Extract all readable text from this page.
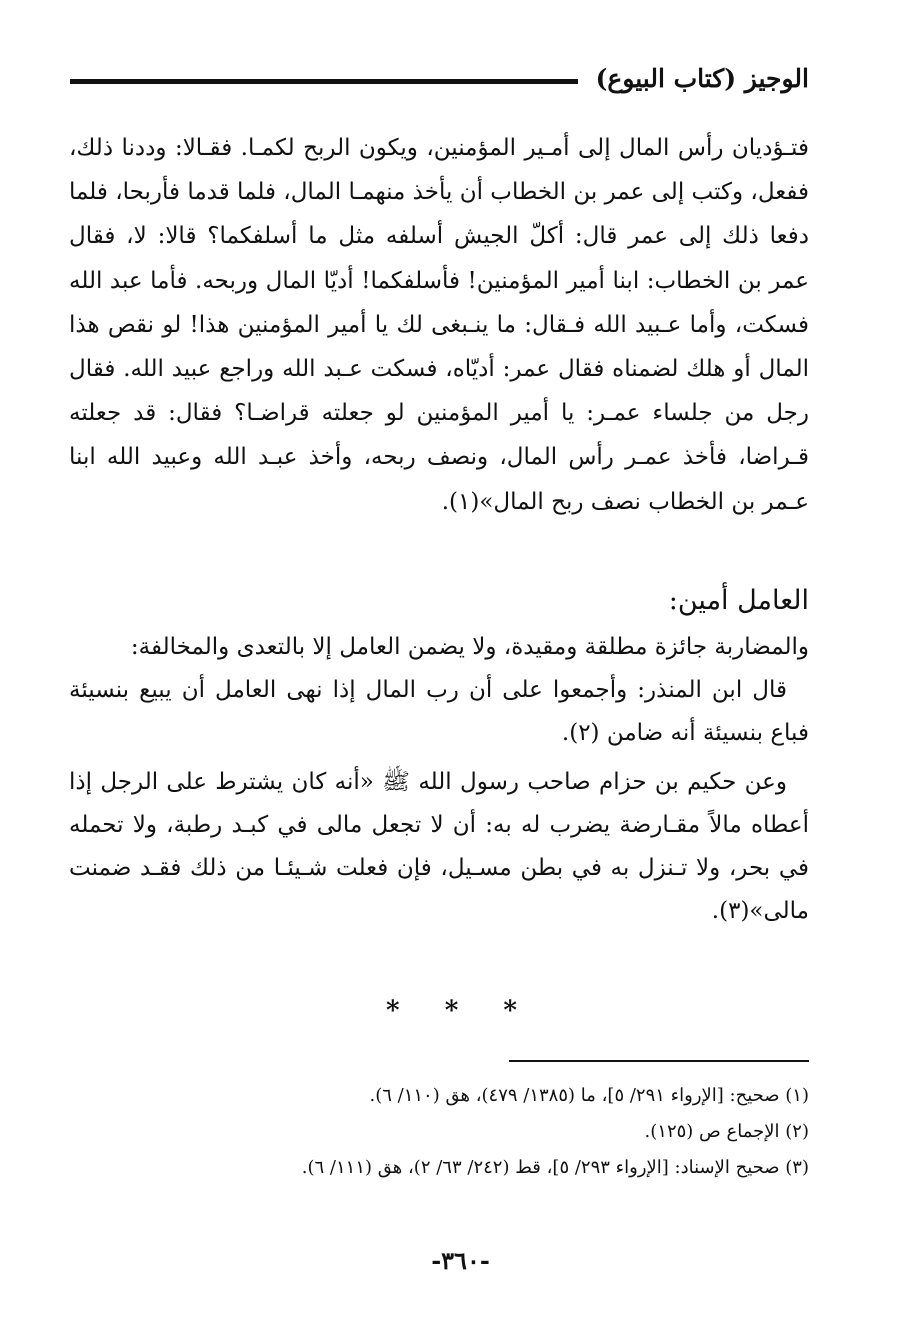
الوجيز (كتاب البيوع)

فتـؤديان رأس المال إلى أمـير المؤمنين، ويكون الربح لكمـا. فقـالا: وددنا ذلك، ففعل، وكتب إلى عمر بن الخطاب أن يأخذ منهمـا المال، فلما قدما فأربحا، فلما دفعا ذلك إلى عمر قال: أكلّ الجيش أسلفه مثل ما أسلفكما؟ قالا: لا، فقال عمر بن الخطاب: ابنا أمير المؤمنين! فأسلفكما! أديّا المال وربحه. فأما عبد الله فسكت، وأما عـبيد الله فـقال: ما ينـبغى لك يا أمير المؤمنين هذا! لو نقص هذا المال أو هلك لضمناه فقال عمر: أديّاه، فسكت عـبد الله وراجع عبيد الله. فقال رجل من جلساء عمـر: يا أمير المؤمنين لو جعلته قراضـا؟ فقال: قد جعلته قـراضا، فأخذ عمـر رأس المال، ونصف ربحه، وأخذ عبـد الله وعبيد الله ابنا عـمر بن الخطاب نصف ربح المال»(١).

العامل أمين:

والمضاربة جائزة مطلقة ومقيدة، ولا يضمن العامل إلا بالتعدى والمخالفة:

قال ابن المنذر: وأجمعوا على أن رب المال إذا نهى العامل أن يبيع بنسيئة فباع بنسيئة أنه ضامن (٢).

وعن حكيم بن حزام صاحب رسول الله ﷺ «أنه كان يشترط على الرجل إذا أعطاه مالاً مقـارضة يضرب له به: أن لا تجعل مالى في كبـد رطبة، ولا تحمله في بحر، ولا تـنزل به في بطن مسـيل، فإن فعلت شـيئـا من ذلك فقـد ضمنت مالى»(٣).

* * *

(١) صحيح: [الإرواء ٢٩١/ ٥]، ما (١٣٨٥/ ٤٧٩)، هق (١١٠/ ٦).

(٢) الإجماع ص (١٢٥).

(٣) صحيح الإسناد: [الإرواء ٢٩٣/ ٥]، قط (٢٤٢/ ٦٣/ ٢)، هق (١١١/ ٦).

-٣٦٠-
